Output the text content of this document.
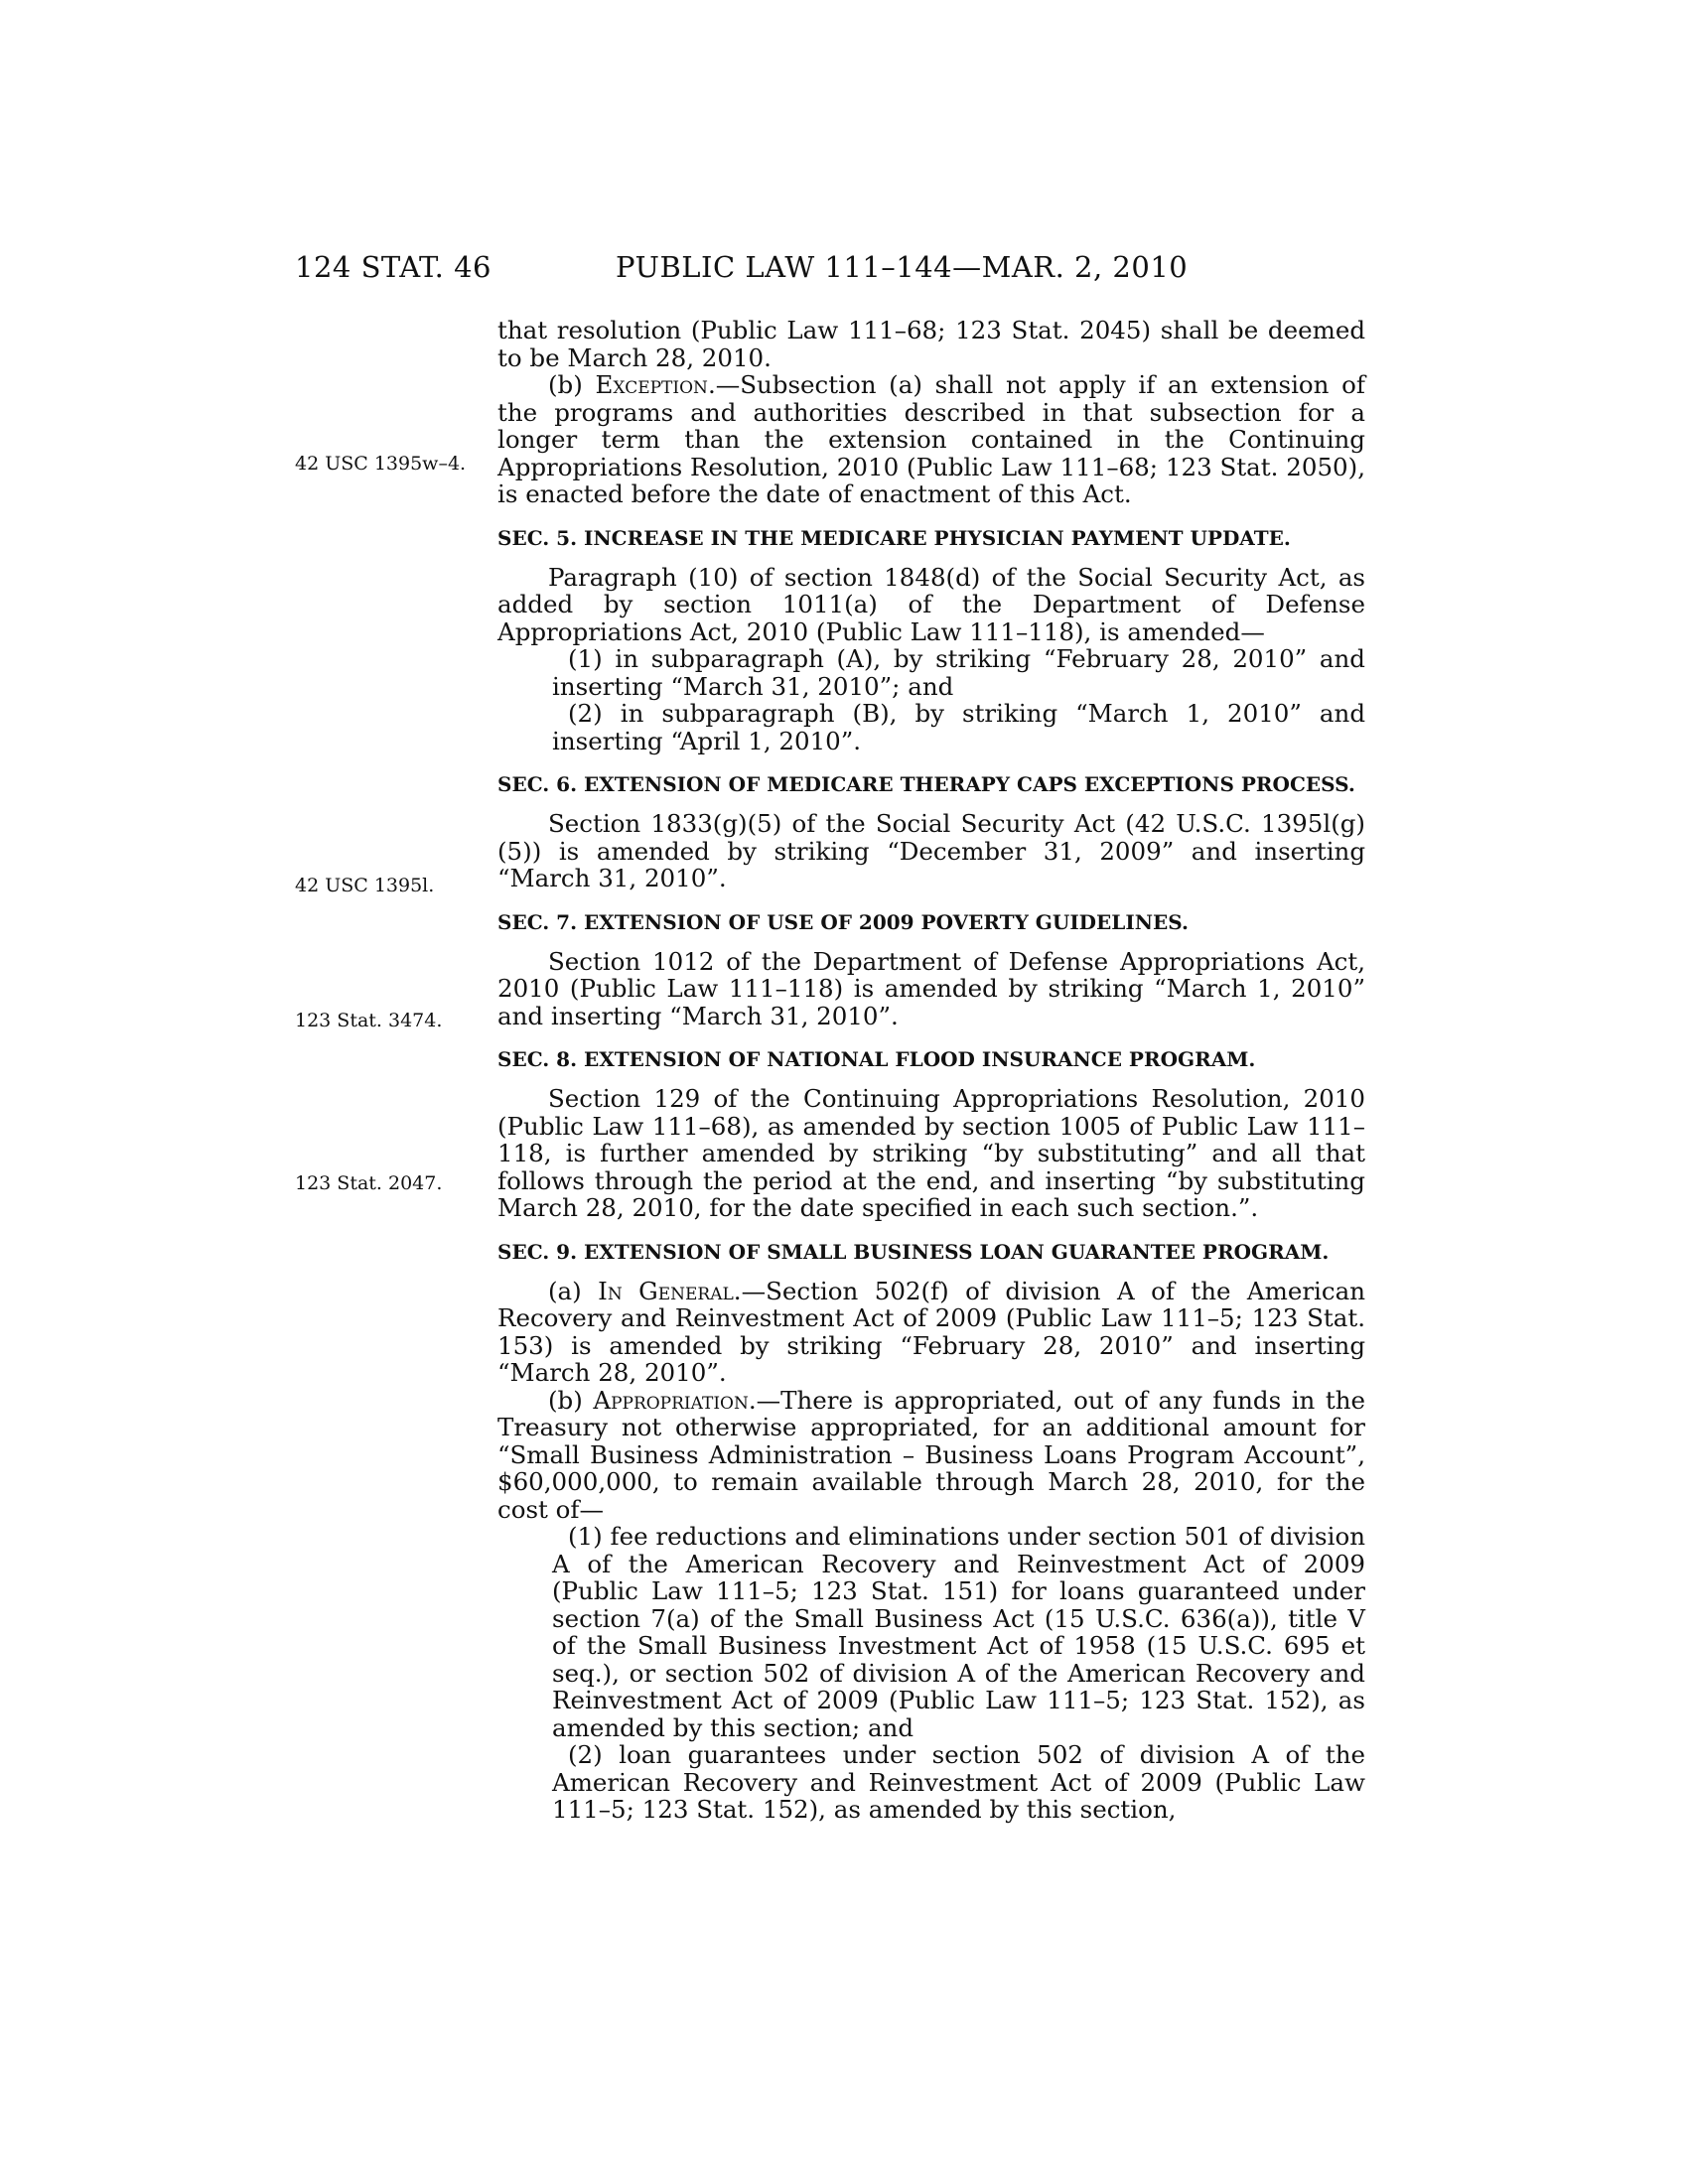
124 STAT. 46	PUBLIC LAW 111–144—MAR. 2, 2010
42 USC 1395w–4.
42 USC 1395l.
123 Stat. 3474.
123 Stat. 2047.

that resolution (Public Law 111–68; 123 Stat. 2045) shall be deemed to be March 28, 2010.

(b) Exception.—Subsection (a) shall not apply if an extension of the programs and authorities described in that subsection for a longer term than the extension contained in the Continuing Appropriations Resolution, 2010 (Public Law 111–68; 123 Stat. 2050), is enacted before the date of enactment of this Act.

SEC. 5. INCREASE IN THE MEDICARE PHYSICIAN PAYMENT UPDATE.

Paragraph (10) of section 1848(d) of the Social Security Act, as added by section 1011(a) of the Department of Defense Appropriations Act, 2010 (Public Law 111–118), is amended—

(1) in subparagraph (A), by striking “February 28, 2010” and inserting “March 31, 2010”; and

(2) in subparagraph (B), by striking “March 1, 2010” and inserting “April 1, 2010”.

SEC. 6. EXTENSION OF MEDICARE THERAPY CAPS EXCEPTIONS PROCESS.

Section 1833(g)(5) of the Social Security Act (42 U.S.C. 1395l(g)(5)) is amended by striking “December 31, 2009” and inserting “March 31, 2010”.

SEC. 7. EXTENSION OF USE OF 2009 POVERTY GUIDELINES.

Section 1012 of the Department of Defense Appropriations Act, 2010 (Public Law 111–118) is amended by striking “March 1, 2010” and inserting “March 31, 2010”.

SEC. 8. EXTENSION OF NATIONAL FLOOD INSURANCE PROGRAM.

Section 129 of the Continuing Appropriations Resolution, 2010 (Public Law 111–68), as amended by section 1005 of Public Law 111–118, is further amended by striking “by substituting” and all that follows through the period at the end, and inserting “by substituting March 28, 2010, for the date specified in each such section.”.

SEC. 9. EXTENSION OF SMALL BUSINESS LOAN GUARANTEE PROGRAM.

(a) In General.—Section 502(f) of division A of the American Recovery and Reinvestment Act of 2009 (Public Law 111–5; 123 Stat. 153) is amended by striking “February 28, 2010” and inserting “March 28, 2010”.

(b) Appropriation.—There is appropriated, out of any funds in the Treasury not otherwise appropriated, for an additional amount for “Small Business Administration – Business Loans Program Account”, $60,000,000, to remain available through March 28, 2010, for the cost of—

(1) fee reductions and eliminations under section 501 of division A of the American Recovery and Reinvestment Act of 2009 (Public Law 111–5; 123 Stat. 151) for loans guaranteed under section 7(a) of the Small Business Act (15 U.S.C. 636(a)), title V of the Small Business Investment Act of 1958 (15 U.S.C. 695 et seq.), or section 502 of division A of the American Recovery and Reinvestment Act of 2009 (Public Law 111–5; 123 Stat. 152), as amended by this section; and

(2) loan guarantees under section 502 of division A of the American Recovery and Reinvestment Act of 2009 (Public Law 111–5; 123 Stat. 152), as amended by this section,
